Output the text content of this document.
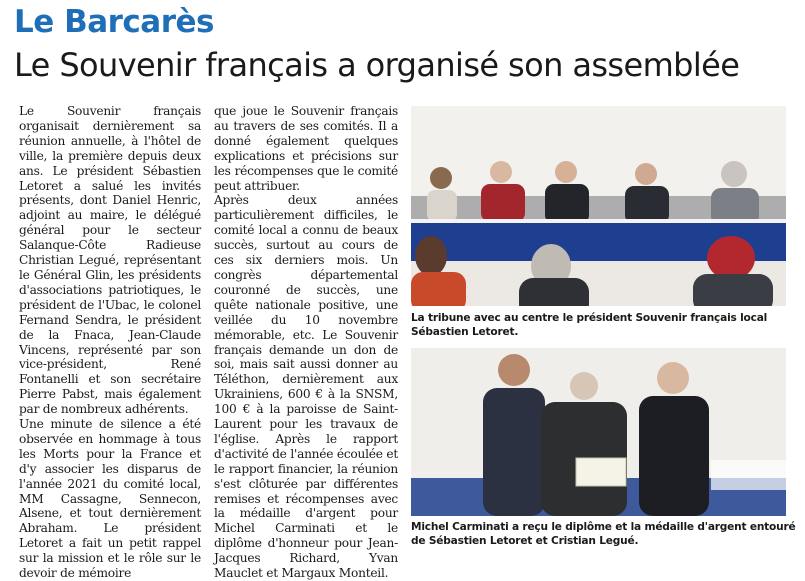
Le Barcarès
Le Souvenir français a organisé son assemblée

Le Souvenir français organisait dernièrement sa réunion annuelle, à l'hôtel de ville, la première depuis deux ans. Le président Sébastien Letoret a salué les invités présents, dont Daniel Henric, adjoint au maire, le délégué général pour le secteur Salanque-Côte Radieuse Christian Legué, représentant le Général Glin, les présidents d'associations patriotiques, le président de l'Ubac, le colonel Fernand Sendra, le président de la Fnaca, Jean-Claude Vincens, représenté par son vice-président, René Fontanelli et son secrétaire Pierre Pabst, mais également par de nombreux adhérents.

Une minute de silence a été observée en hommage à tous les Morts pour la France et d'y associer les disparus de l'année 2021 du comité local, MM Cassagne, Sennecon, Alsene, et tout dernièrement Abraham. Le président Letoret a fait un petit rappel sur la mission et le rôle sur le devoir de mémoire

que joue le Souvenir français au travers de ses comités. Il a donné également quelques explications et précisions sur les récompenses que le comité peut attribuer.

Après deux années particulièrement difficiles, le comité local a connu de beaux succès, surtout au cours de ces six derniers mois. Un congrès départemental couronné de succès, une quête nationale positive, une veillée du 10 novembre mémorable, etc. Le Souvenir français demande un don de soi, mais sait aussi donner au Téléthon, dernièrement aux Ukrainiens, 600 € à la SNSM, 100 € à la paroisse de Saint-Laurent pour les travaux de l'église. Après le rapport d'activité de l'année écoulée et le rapport financier, la réunion s'est clôturée par différentes remises et récompenses avec la médaille d'argent pour Michel Carminati et le diplôme d'honneur pour Jean-Jacques Richard, Yvan Mauclet et Margaux Monteil.

La tribune avec au centre le président Souvenir français local Sébastien Letoret.
Michel Carminati a reçu le diplôme et la médaille d'argent entouré de Sébastien Letoret et Cristian Legué.
